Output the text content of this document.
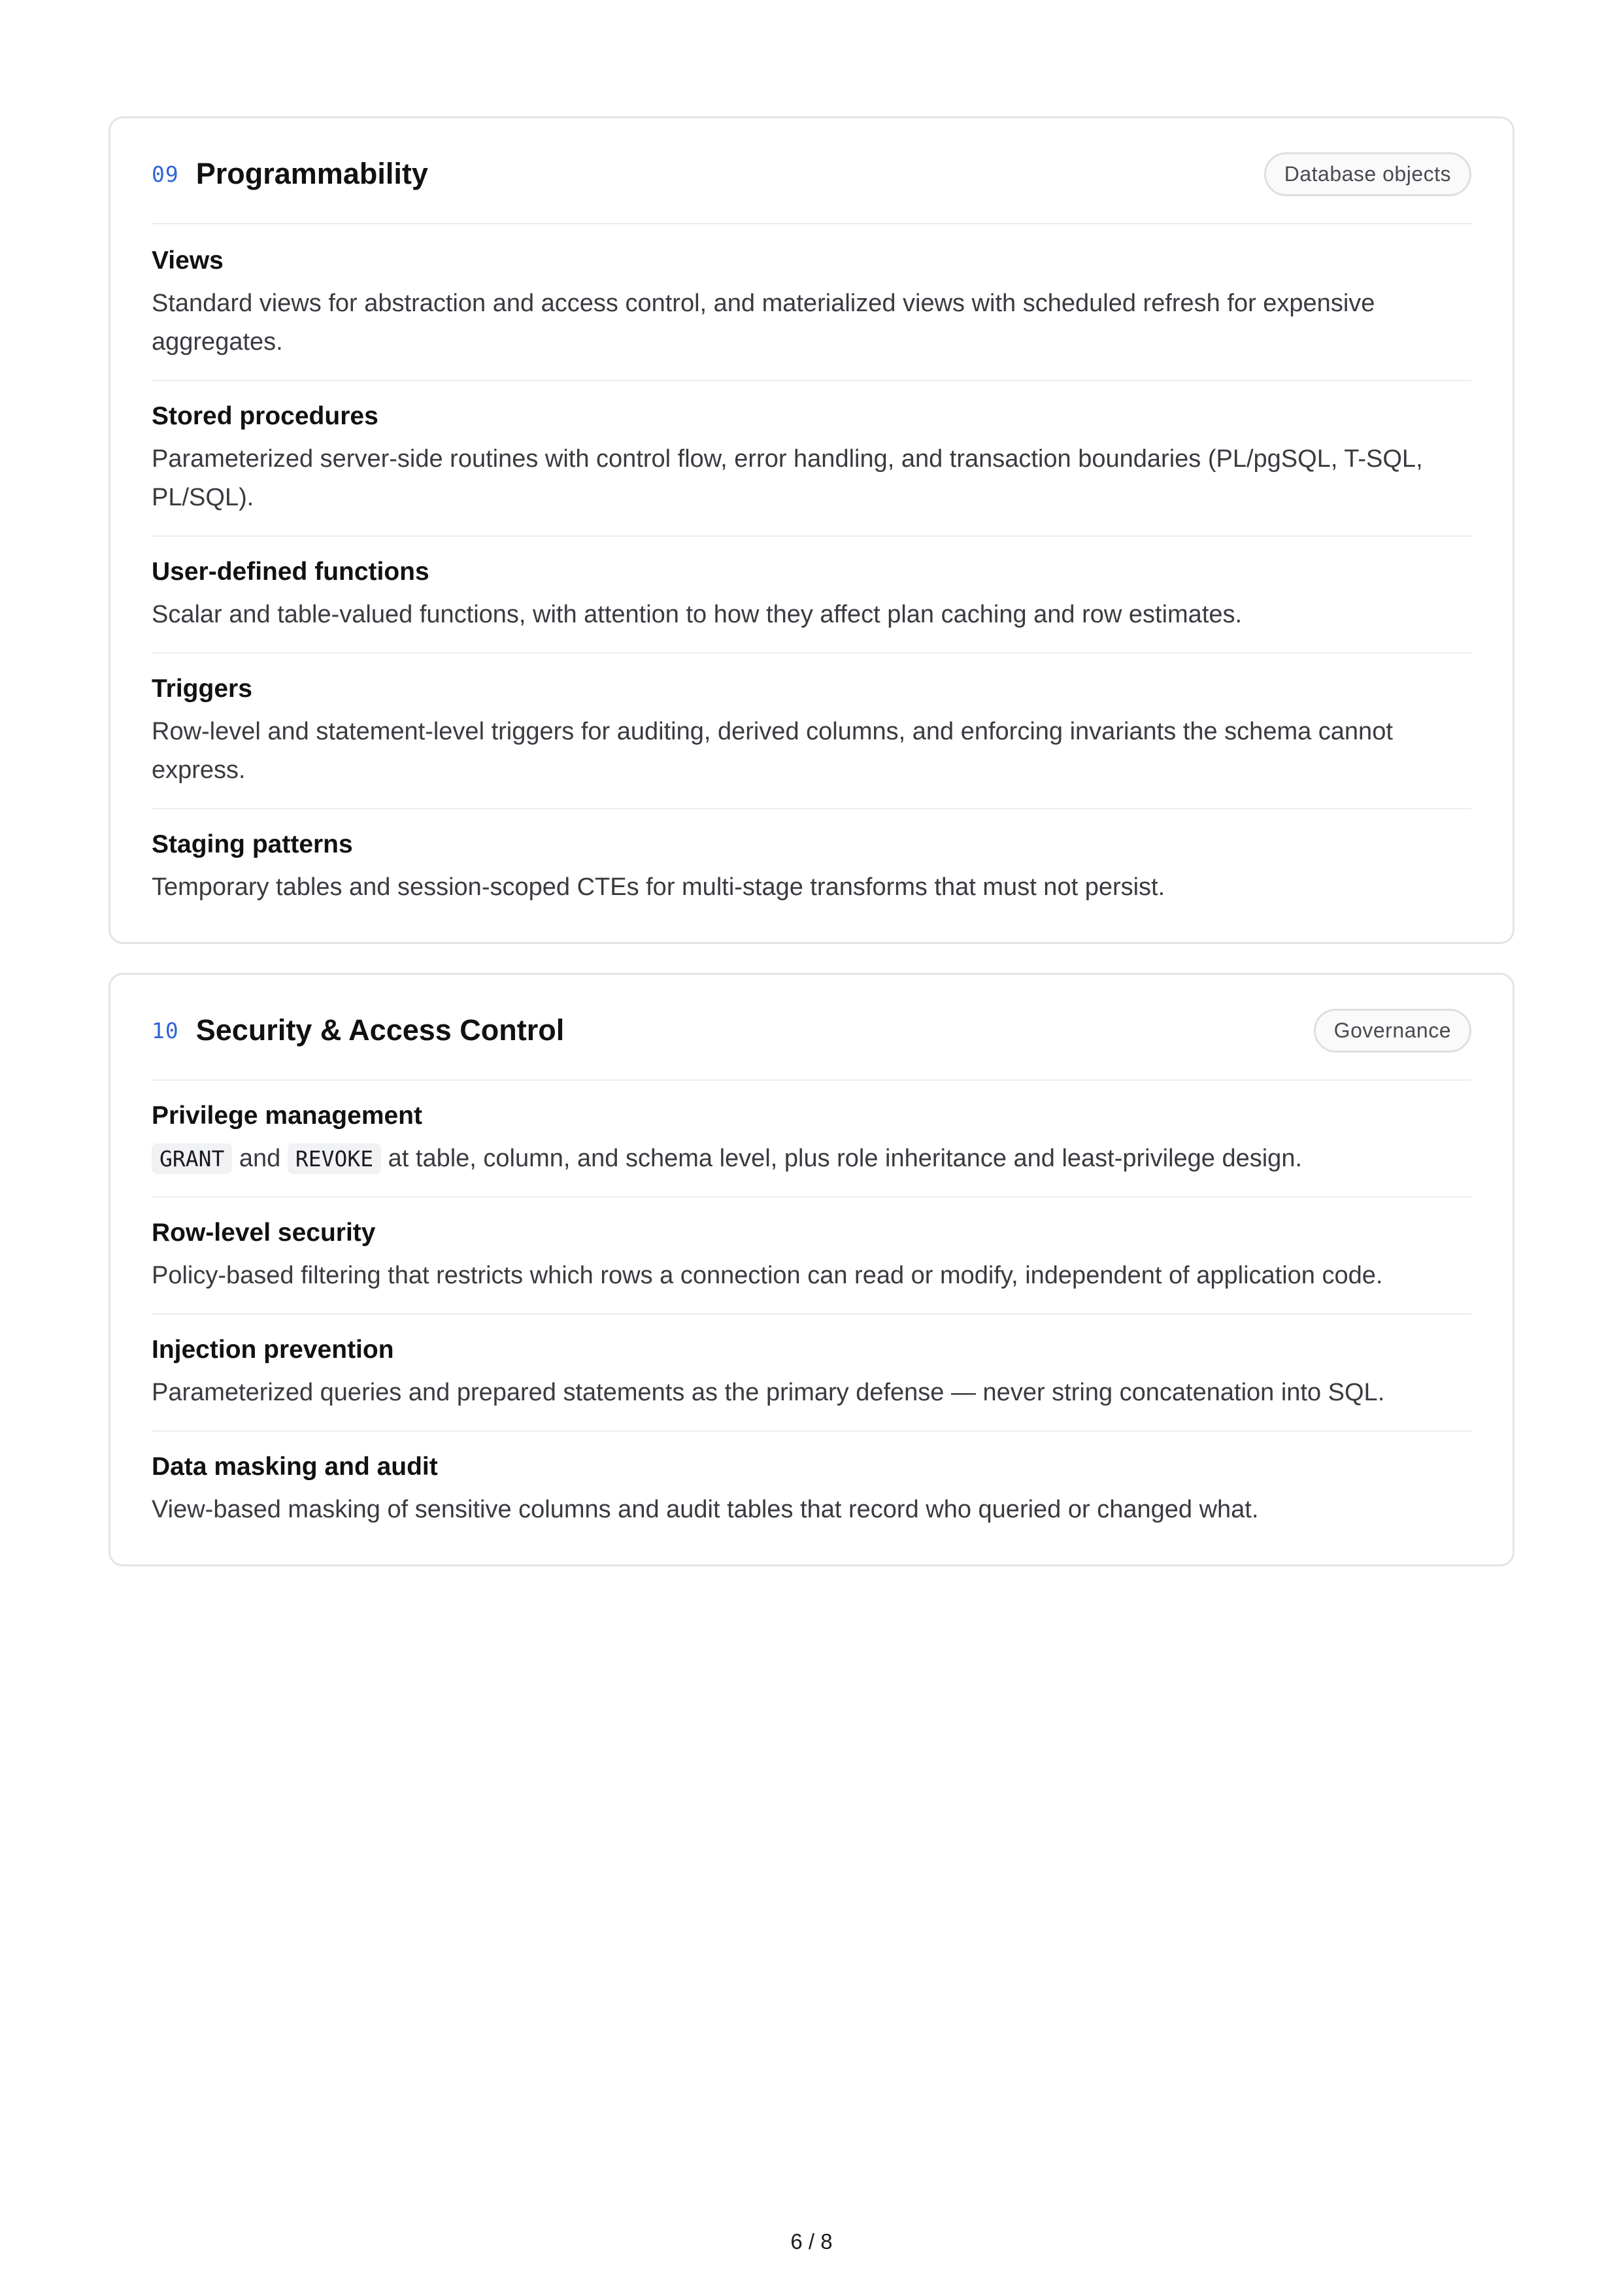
09 Programmability	Database objects
Views
Standard views for abstraction and access control, and materialized views with scheduled refresh for expensive aggregates.
Stored procedures
Parameterized server-side routines with control flow, error handling, and transaction boundaries (PL/pgSQL, T-SQL, PL/SQL).
User-defined functions
Scalar and table-valued functions, with attention to how they affect plan caching and row estimates.
Triggers
Row-level and statement-level triggers for auditing, derived columns, and enforcing invariants the schema cannot express.
Staging patterns
Temporary tables and session-scoped CTEs for multi-stage transforms that must not persist.
10 Security & Access Control	Governance
Privilege management
GRANT and REVOKE at table, column, and schema level, plus role inheritance and least-privilege design.
Row-level security
Policy-based filtering that restricts which rows a connection can read or modify, independent of application code.
Injection prevention
Parameterized queries and prepared statements as the primary defense — never string concatenation into SQL.
Data masking and audit
View-based masking of sensitive columns and audit tables that record who queried or changed what.
6 / 8
